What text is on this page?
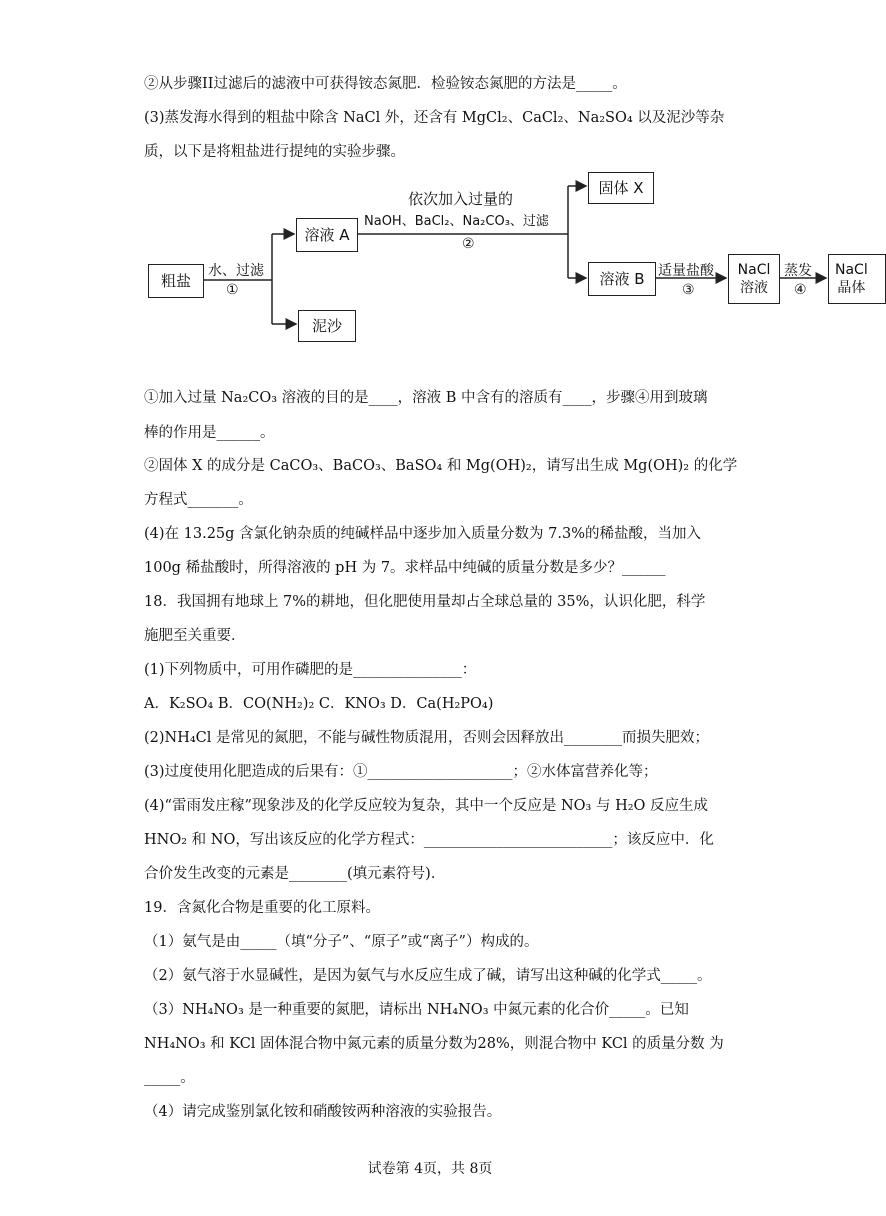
②从步骤II过滤后的滤液中可获得铵态氮肥．检验铵态氮肥的方法是_____。
(3)蒸发海水得到的粗盐中除含 NaCl 外，还含有 MgCl₂、CaCl₂、Na₂SO₄ 以及泥沙等杂
质，以下是将粗盐进行提纯的实验步骤。
粗盐
水、过滤
①
溶液 A
泥沙
依次加入过量的
NaOH、BaCl₂、Na₂CO₃、过滤
②
固体 X
溶液 B 适量盐酸
③
NaCl
溶液
蒸发
④
NaCl
晶体
①加入过量 Na₂CO₃ 溶液的目的是____，溶液 B 中含有的溶质有____，步骤④用到玻璃
棒的作用是______。
②固体 X 的成分是 CaCO₃、BaCO₃、BaSO₄ 和 Mg(OH)₂，请写出生成 Mg(OH)₂ 的化学
方程式_______。
(4)在 13.25g 含氯化钠杂质的纯碱样品中逐步加入质量分数为 7.3%的稀盐酸，当加入
100g 稀盐酸时，所得溶液的 pH 为 7。求样品中纯碱的质量分数是多少？______
18．我国拥有地球上 7%的耕地，但化肥使用量却占全球总量的 35%，认识化肥，科学
施肥至关重要．
(1)下列物质中，可用作磷肥的是_______________：
A．K₂SO₄ B．CO(NH₂)₂ C．KNO₃ D．Ca(H₂PO₄)
(2)NH₄Cl 是常见的氮肥，不能与碱性物质混用，否则会因释放出________而损失肥效；
(3)过度使用化肥造成的后果有：①____________________；②水体富营养化等；
(4)“雷雨发庄稼”现象涉及的化学反应较为复杂，其中一个反应是 NO₃ 与 H₂O 反应生成
HNO₂ 和 NO，写出该反应的化学方程式：__________________________；该反应中．化
合价发生改变的元素是________(填元素符号)．
19．含氮化合物是重要的化工原料。
（1）氨气是由_____（填“分子”、“原子”或“离子”）构成的。
（2）氨气溶于水显碱性，是因为氨气与水反应生成了碱，请写出这种碱的化学式_____。
（3）NH₄NO₃ 是一种重要的氮肥，请标出 NH₄NO₃ 中氮元素的化合价_____。已知
NH₄NO₃ 和 KCl 固体混合物中氮元素的质量分数为28%，则混合物中 KCl 的质量分数 为
_____。
（4）请完成鉴别氯化铵和硝酸铵两种溶液的实验报告。
试卷第 4页，共 8页
